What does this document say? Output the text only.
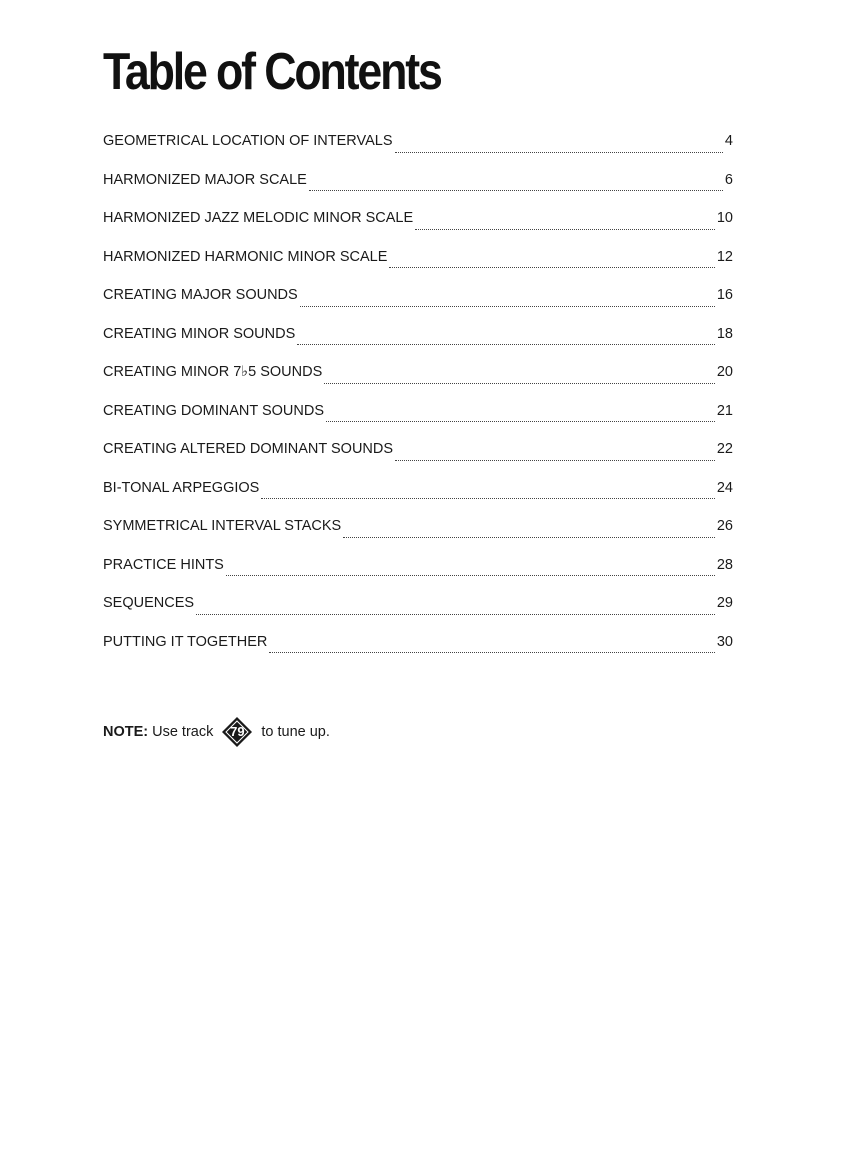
Table of Contents
GEOMETRICAL LOCATION OF INTERVALS	4
HARMONIZED MAJOR SCALE	6
HARMONIZED JAZZ MELODIC MINOR SCALE	10
HARMONIZED HARMONIC MINOR SCALE	12
CREATING MAJOR SOUNDS	16
CREATING MINOR SOUNDS	18
CREATING MINOR 7♭5 SOUNDS	20
CREATING DOMINANT SOUNDS	21
CREATING ALTERED DOMINANT SOUNDS	22
BI-TONAL ARPEGGIOS	24
SYMMETRICAL INTERVAL STACKS	26
PRACTICE HINTS	28
SEQUENCES	29
PUTTING IT TOGETHER	30
NOTE: Use track	79	to tune up.
